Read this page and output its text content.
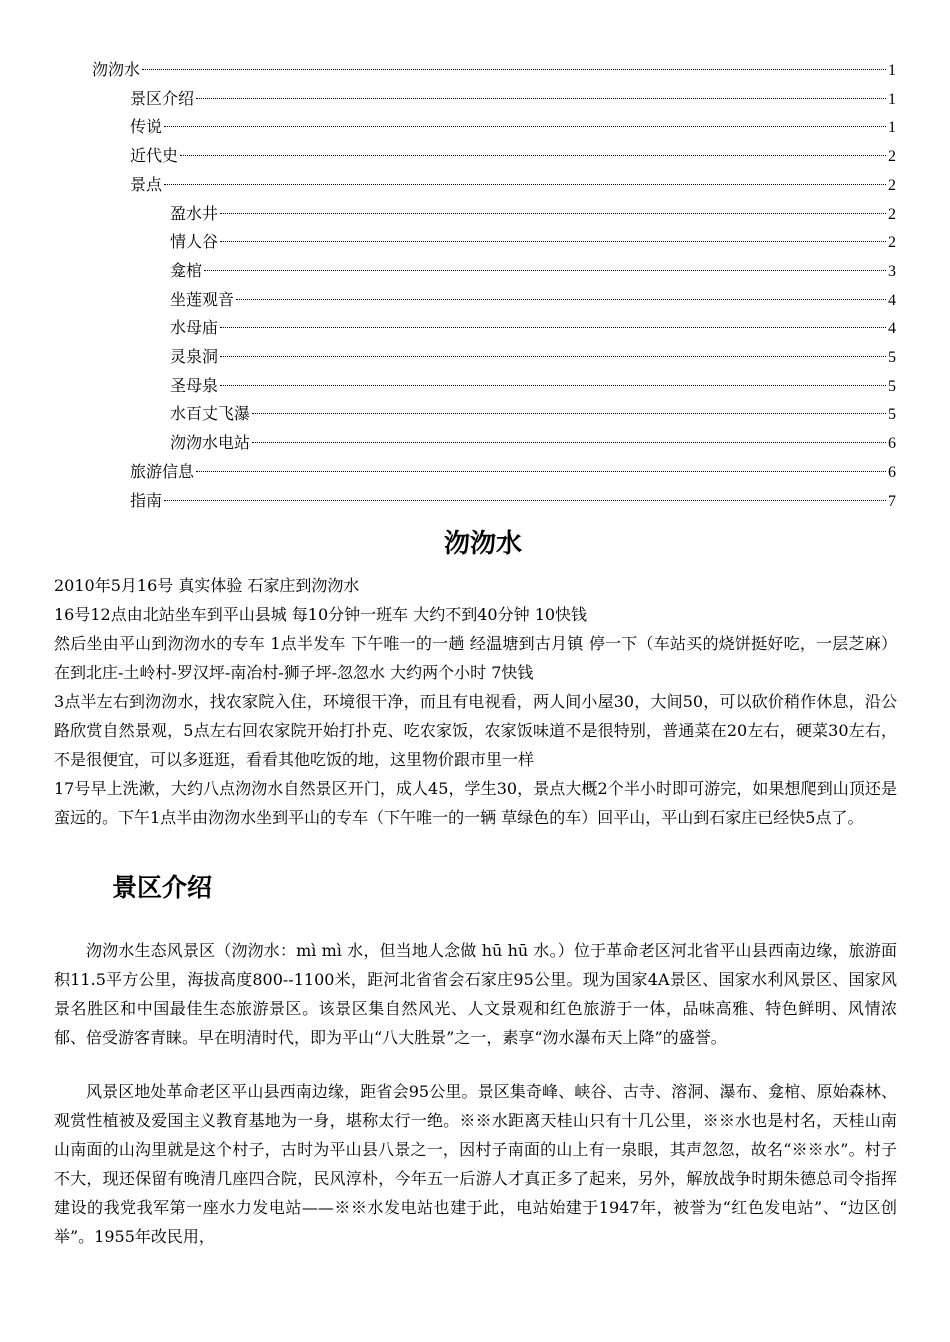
沕沕水	1
景区介绍	1
传说	1
近代史	2
景点	2
盈水井	2
情人谷	2
龛棺	3
坐莲观音	4
水母庙	4
灵泉洞	5
圣母泉	5
水百丈飞瀑	5
沕沕水电站	6
旅游信息	6
指南	7
沕沕水

2010年5月16号 真实体验 石家庄到沕沕水

16号12点由北站坐车到平山县城 每10分钟一班车 大约不到40分钟 10快钱

然后坐由平山到沕沕水的专车 1点半发车 下午唯一的一趟 经温塘到古月镇 停一下（车站买的烧饼挺好吃，一层芝麻）在到北庄-土岭村-罗汉坪-南冶村-狮子坪-忽忽水 大约两个小时 7快钱

3点半左右到沕沕水，找农家院入住，环境很干净，而且有电视看，两人间小屋30，大间50，可以砍价稍作休息，沿公路欣赏自然景观，5点左右回农家院开始打扑克、吃农家饭，农家饭味道不是很特别，普通菜在20左右，硬菜30左右，不是很便宜，可以多逛逛，看看其他吃饭的地，这里物价跟市里一样

17号早上洗漱，大约八点沕沕水自然景区开门，成人45，学生30，景点大概2个半小时即可游完，如果想爬到山顶还是蛮远的。下午1点半由沕沕水坐到平山的专车（下午唯一的一辆 草绿色的车）回平山，平山到石家庄已经快5点了。

景区介绍
沕沕水生态风景区（沕沕水：mì mì 水，但当地人念做 hū hū 水。）位于革命老区河北省平山县西南边缘，旅游面积11.5平方公里，海拔高度800--1100米，距河北省省会石家庄95公里。现为国家4A景区、国家水利风景区、国家风景名胜区和中国最佳生态旅游景区。该景区集自然风光、人文景观和红色旅游于一体，品味高雅、特色鲜明、风情浓郁、倍受游客青睐。早在明清时代，即为平山“八大胜景”之一，素享“沕水瀑布天上降”的盛誉。
风景区地处革命老区平山县西南边缘，距省会95公里。景区集奇峰、峡谷、古寺、溶洞、瀑布、龛棺、原始森林、观赏性植被及爱国主义教育基地为一身，堪称太行一绝。※※水距离天桂山只有十几公里，※※水也是村名，天桂山南山南面的山沟里就是这个村子，古时为平山县八景之一，因村子南面的山上有一泉眼，其声忽忽，故名“※※水”。村子不大，现还保留有晚清几座四合院，民风淳朴，今年五一后游人才真正多了起来，另外，解放战争时期朱德总司令指挥建设的我党我军第一座水力发电站——※※水发电站也建于此，电站始建于1947年，被誉为“红色发电站”、“边区创举”。1955年改民用，
